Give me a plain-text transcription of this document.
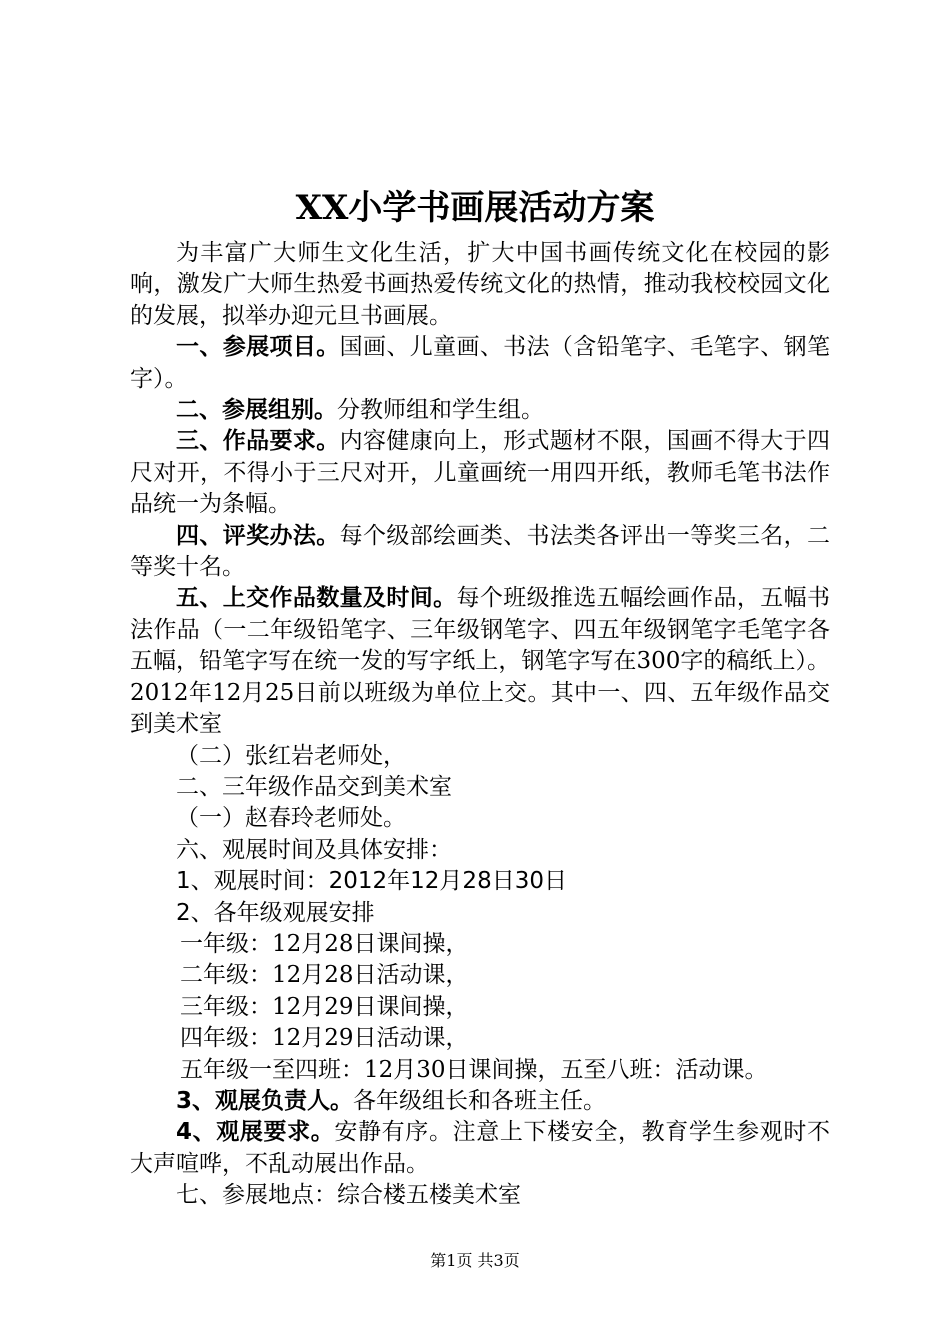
XX小学书画展活动方案

为丰富广大师生文化生活，扩大中国书画传统文化在校园的影响，激发广大师生热爱书画热爱传统文化的热情，推动我校校园文化的发展，拟举办迎元旦书画展。

一、参展项目。国画、儿童画、书法（含铅笔字、毛笔字、钢笔字）。

二、参展组别。分教师组和学生组。

三、作品要求。内容健康向上，形式题材不限，国画不得大于四尺对开，不得小于三尺对开，儿童画统一用四开纸，教师毛笔书法作品统一为条幅。

四、评奖办法。每个级部绘画类、书法类各评出一等奖三名，二等奖十名。

五、上交作品数量及时间。每个班级推选五幅绘画作品，五幅书法作品（一二年级铅笔字、三年级钢笔字、四五年级钢笔字毛笔字各五幅，铅笔字写在统一发的写字纸上，钢笔字写在300字的稿纸上）。2012年12月25日前以班级为单位上交。其中一、四、五年级作品交到美术室

（二）张红岩老师处，

二、三年级作品交到美术室

（一）赵春玲老师处。

六、观展时间及具体安排：

1、观展时间：2012年12月28日30日

2、各年级观展安排

一年级：12月28日课间操，

二年级：12月28日活动课，

三年级：12月29日课间操，

四年级：12月29日活动课，

五年级一至四班：12月30日课间操，五至八班：活动课。

3、观展负责人。各年级组长和各班主任。

4、观展要求。安静有序。注意上下楼安全，教育学生参观时不大声喧哗，不乱动展出作品。

七、参展地点：综合楼五楼美术室

第1页 共3页
